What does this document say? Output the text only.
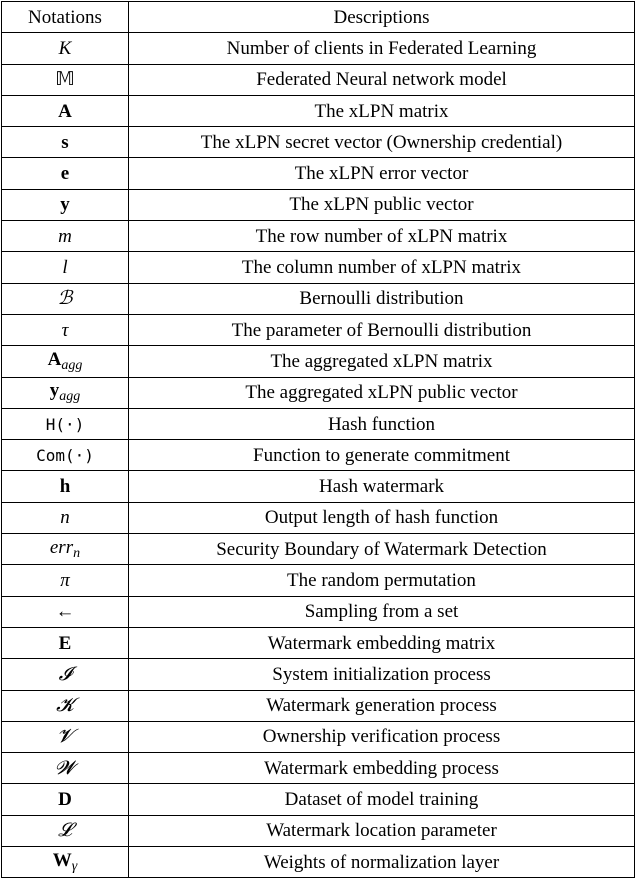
Notations	Descriptions
K	Number of clients in Federated Learning
𝕄	Federated Neural network model
A	The xLPN matrix
s	The xLPN secret vector (Ownership credential)
e	The xLPN error vector
y	The xLPN public vector
m	The row number of xLPN matrix
l	The column number of xLPN matrix
ℬ	Bernoulli distribution
τ	The parameter of Bernoulli distribution
$A_{agg}$	The aggregated xLPN matrix
$y_{agg}$	The aggregated xLPN public vector
H(·)	Hash function
Com(·)	Function to generate commitment
h	Hash watermark
n	Output length of hash function
err$_n$	Security Boundary of Watermark Detection
π	The random permutation
←	Sampling from a set
E	Watermark embedding matrix
𝓘	System initialization process
𝓚	Watermark generation process
𝓥	Ownership verification process
𝓦	Watermark embedding process
D	Dataset of model training
𝓛	Watermark location parameter
$W_\gamma$	Weights of normalization layer
